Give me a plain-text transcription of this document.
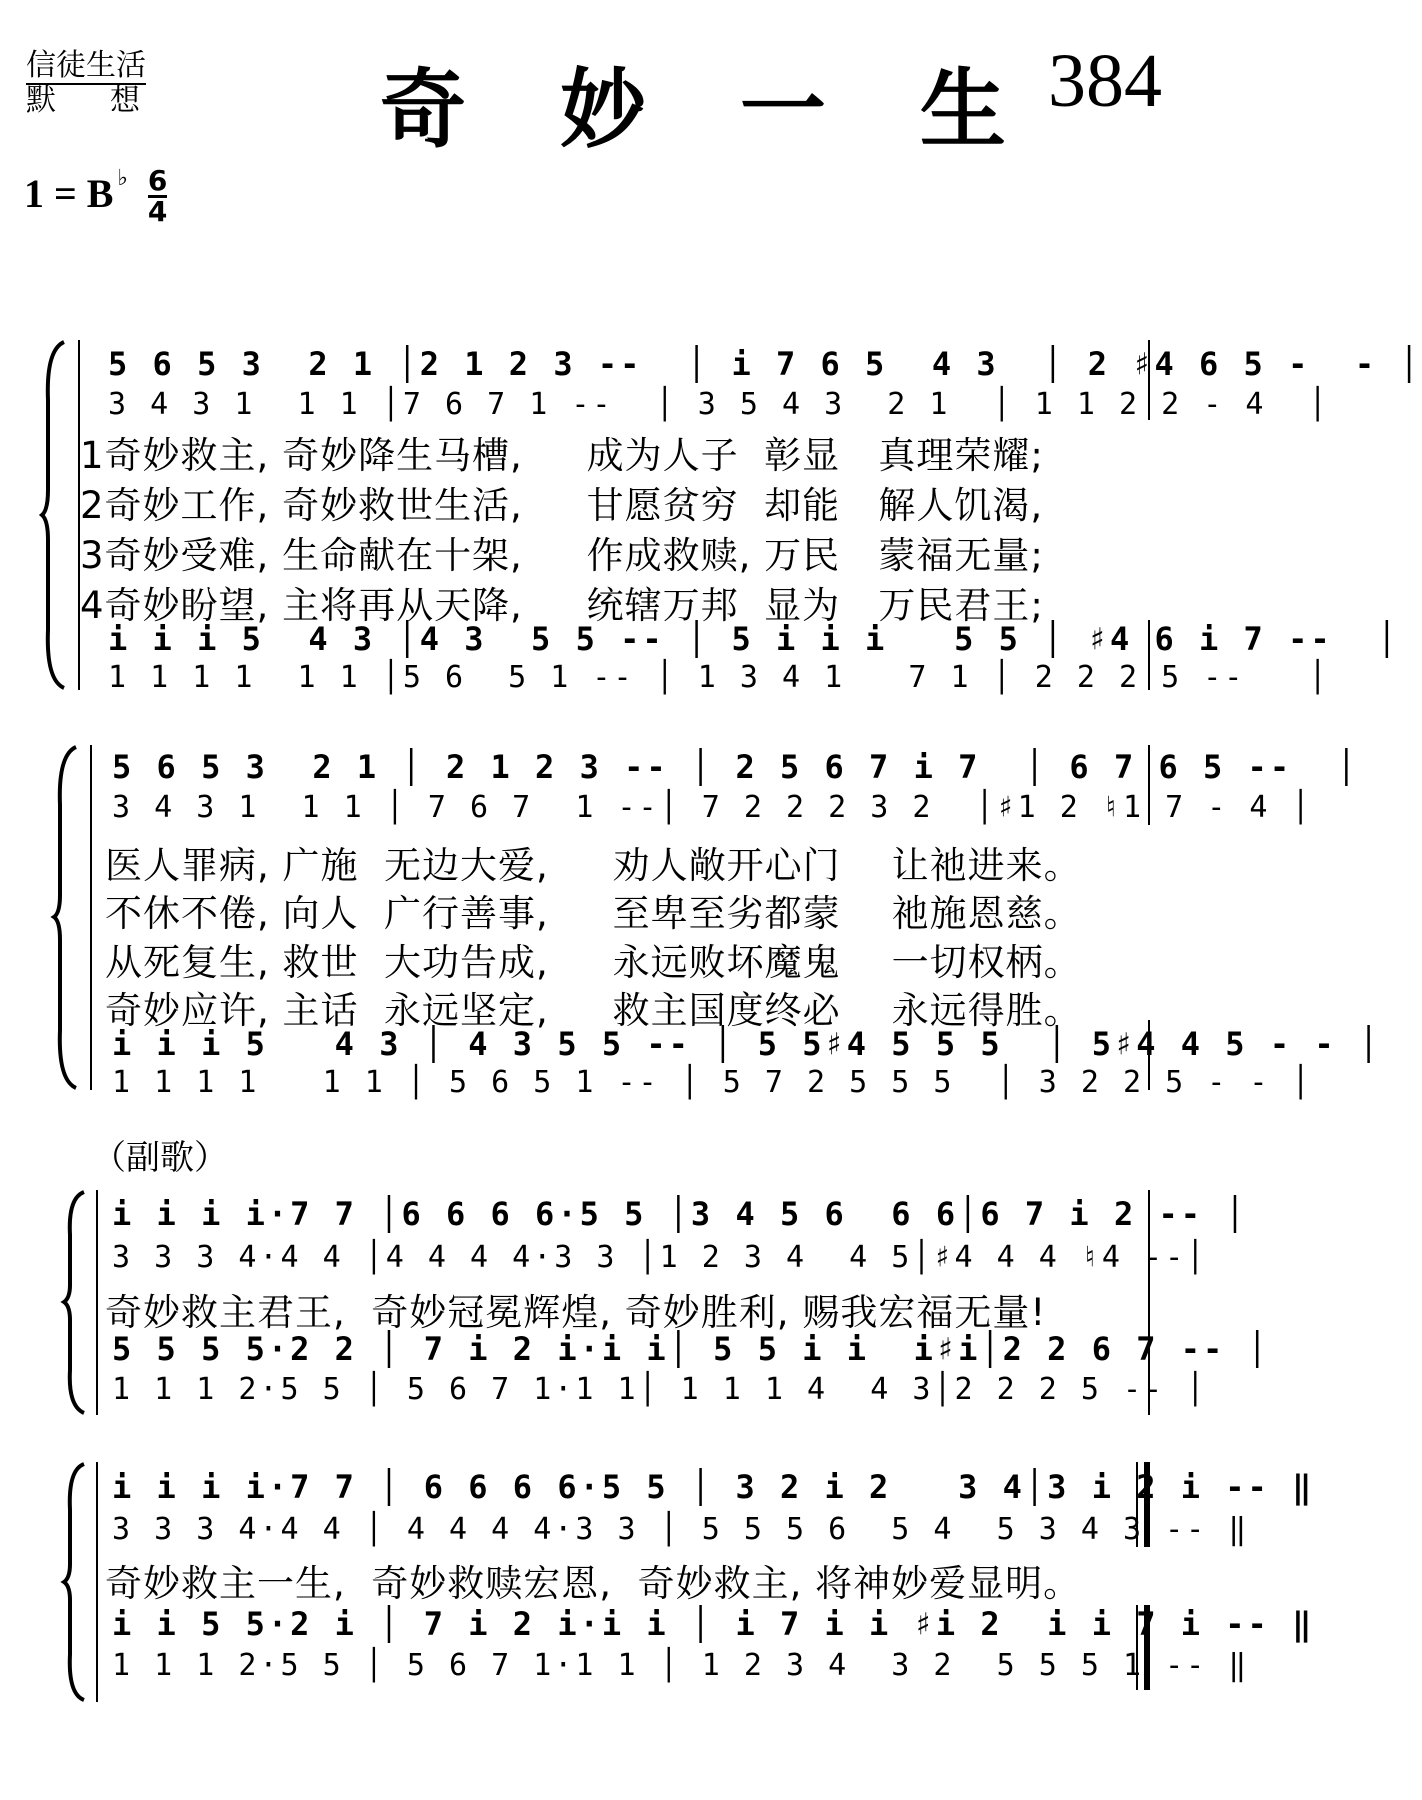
信徒生活
默 想	奇 妙 一 生 384
1 = B $^♭ \frac{6}{4}$
5 6 5 3  2 1 │2 1 2 3 --  │ i 7 6 5  4 3  │ 2 ♯4 6 5 -  - │
3 4 3 1  1 1 │7 6 7 1 --  │ 3 5 4 3  2 1  │ 1 1 2 2 - 4  │
1奇妙救主, 奇妙降生马槽,     成为人子  彰显   真理荣耀;
2奇妙工作, 奇妙救世生活,     甘愿贫穷  却能   解人饥渴,
3奇妙受难, 生命献在十架,     作成救赎, 万民   蒙福无量;
4奇妙盼望, 主将再从天降,     统辖万邦  显为   万民君王;
i i i 5  4 3 │4 3  5 5 -- │ 5 i i i   5 5 │ ♯4 6 i 7 --  │
1 1 1 1  1 1 │5 6  5 1 -- │ 1 3 4 1   7 1 │ 2 2 2 5 --   │
5 6 5 3  2 1 │ 2 1 2 3 -- │ 2 5 6 7 i 7  │ 6 7 6 5 --  │
3 4 3 1  1 1 │ 7 6 7  1 --│ 7 2 2 2 3 2  │♯1 2 ♮1 7 - 4 │
医人罪病, 广施  无边大爱,     劝人敞开心门    让祂进来。
不休不倦, 向人  广行善事,     至卑至劣都蒙    祂施恩慈。
从死复生, 救世  大功告成,     永远败坏魔鬼    一切权柄。
奇妙应许, 主话  永远坚定,     救主国度终必    永远得胜。
i i i 5   4 3 │ 4 3 5 5 -- │ 5 5♯4 5 5 5  │ 5♯4 4 5 - - │
1 1 1 1   1 1 │ 5 6 5 1 -- │ 5 7 2 5 5 5  │ 3 2 2 5 - - │
（副歌）
i i i i·7 7 │6 6 6 6·5 5 │3 4 5 6  6 6│6 7 i 2 -- │
3 3 3 4·4 4 │4 4 4 4·3 3 │1 2 3 4  4 5│♯4 4 4 ♮4 --│
奇妙救主君王,  奇妙冠冕辉煌, 奇妙胜利, 赐我宏福无量!
5 5 5 5·2 2 │ 7 i 2 i·i i│ 5 5 i i  i♯i│2 2 6 7 -- │
1 1 1 2·5 5 │ 5 6 7 1·1 1│ 1 1 1 4  4 3│2 2 2 5 -- │
i i i i·7 7 │ 6 6 6 6·5 5 │ 3 2 i 2   3 4│3 i 2 i -- ‖
3 3 3 4·4 4 │ 4 4 4 4·3 3 │ 5 5 5 6  5 4  5 3 4 3 -- ‖
奇妙救主一生,  奇妙救赎宏恩,  奇妙救主, 将神妙爱显明。
i i 5 5·2 i │ 7 i 2 i·i i │ i 7 i i ♯i 2  i i 7 i -- ‖
1 1 1 2·5 5 │ 5 6 7 1·1 1 │ 1 2 3 4  3 2  5 5 5 1 -- ‖
